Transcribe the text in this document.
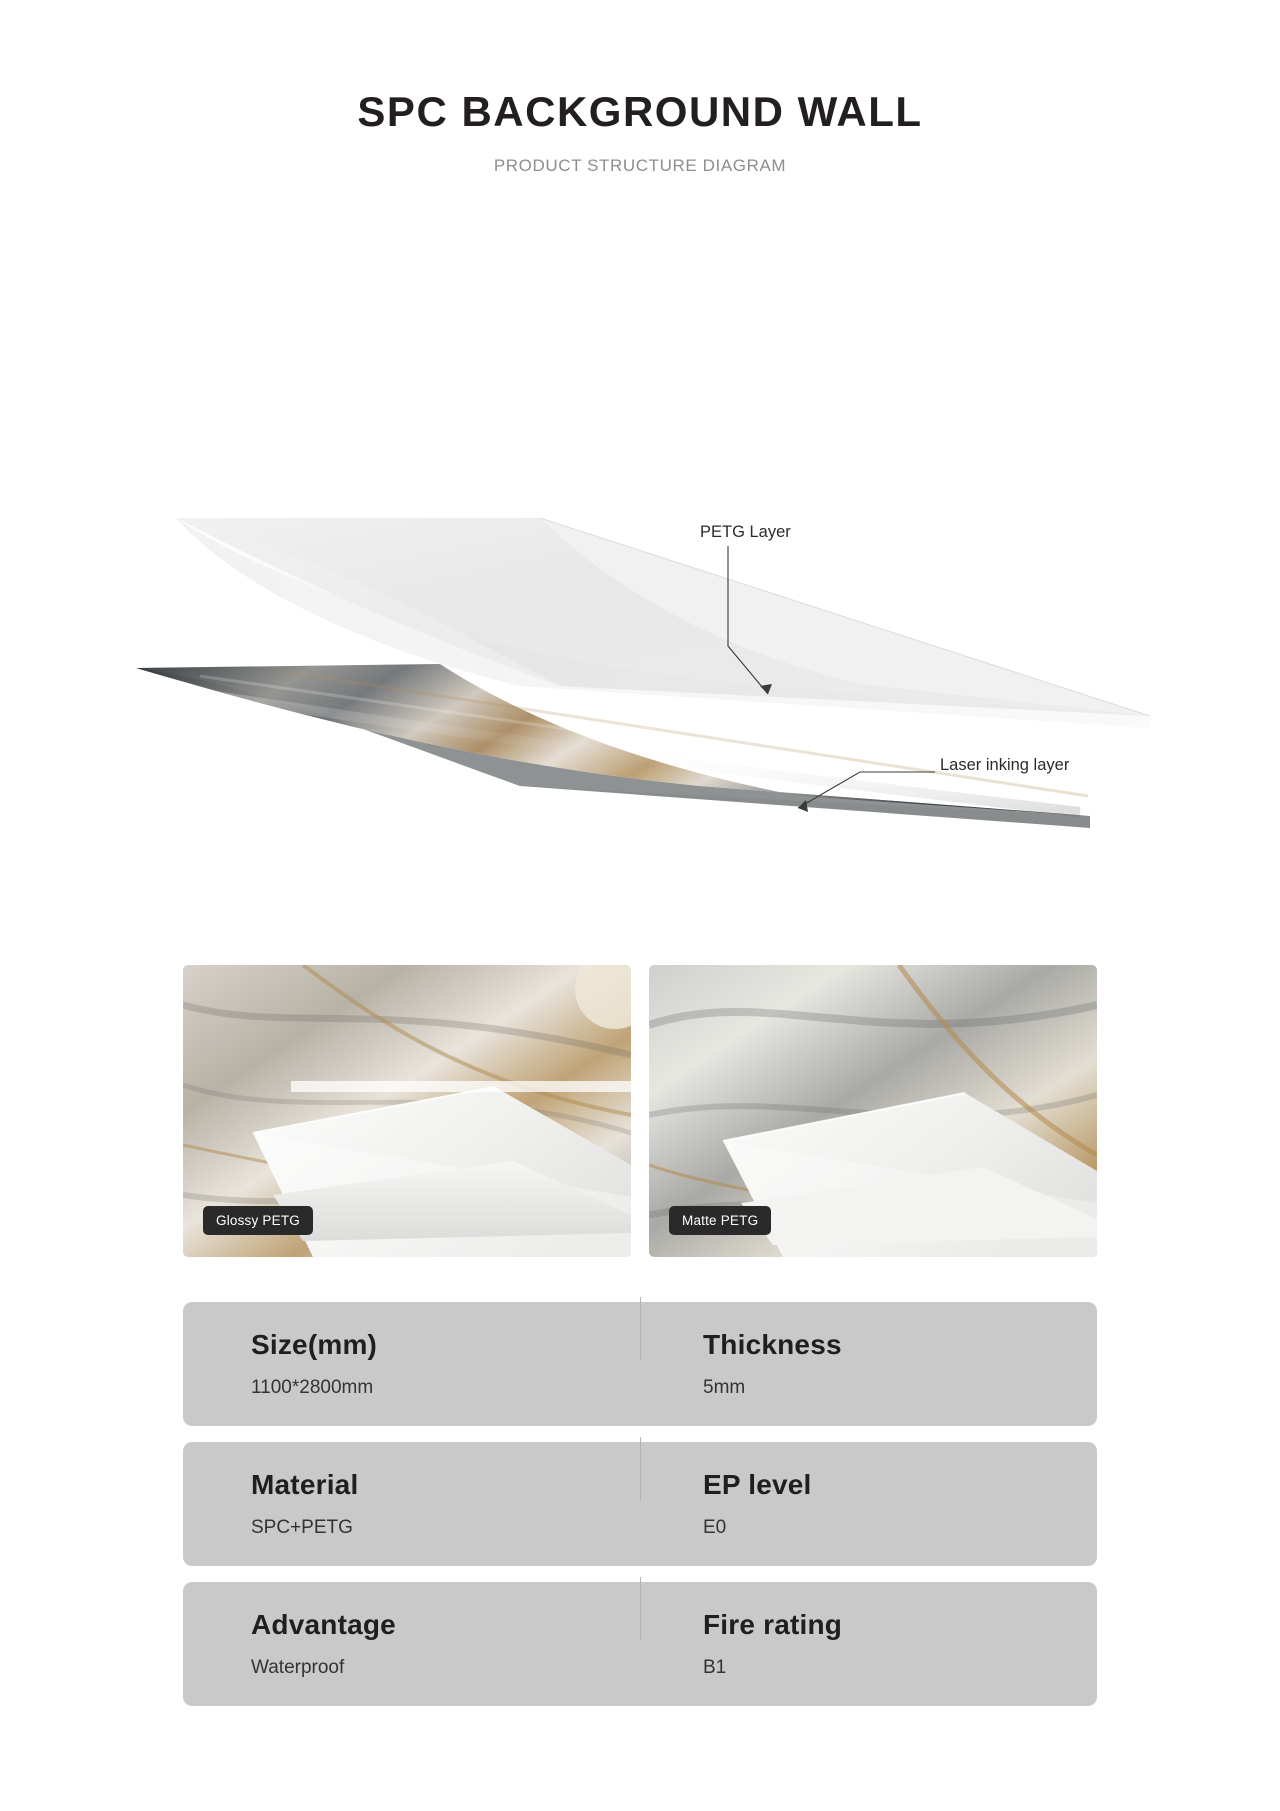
SPC BACKGROUND WALL
PRODUCT STRUCTURE DIAGRAM
PETG Layer
Laser inking layer
Glossy PETG	Matte PETG
Size(mm)
1100*2800mm
Thickness
5mm
Material
SPC+PETG
EP level
E0
Advantage
Waterproof
Fire rating
B1
